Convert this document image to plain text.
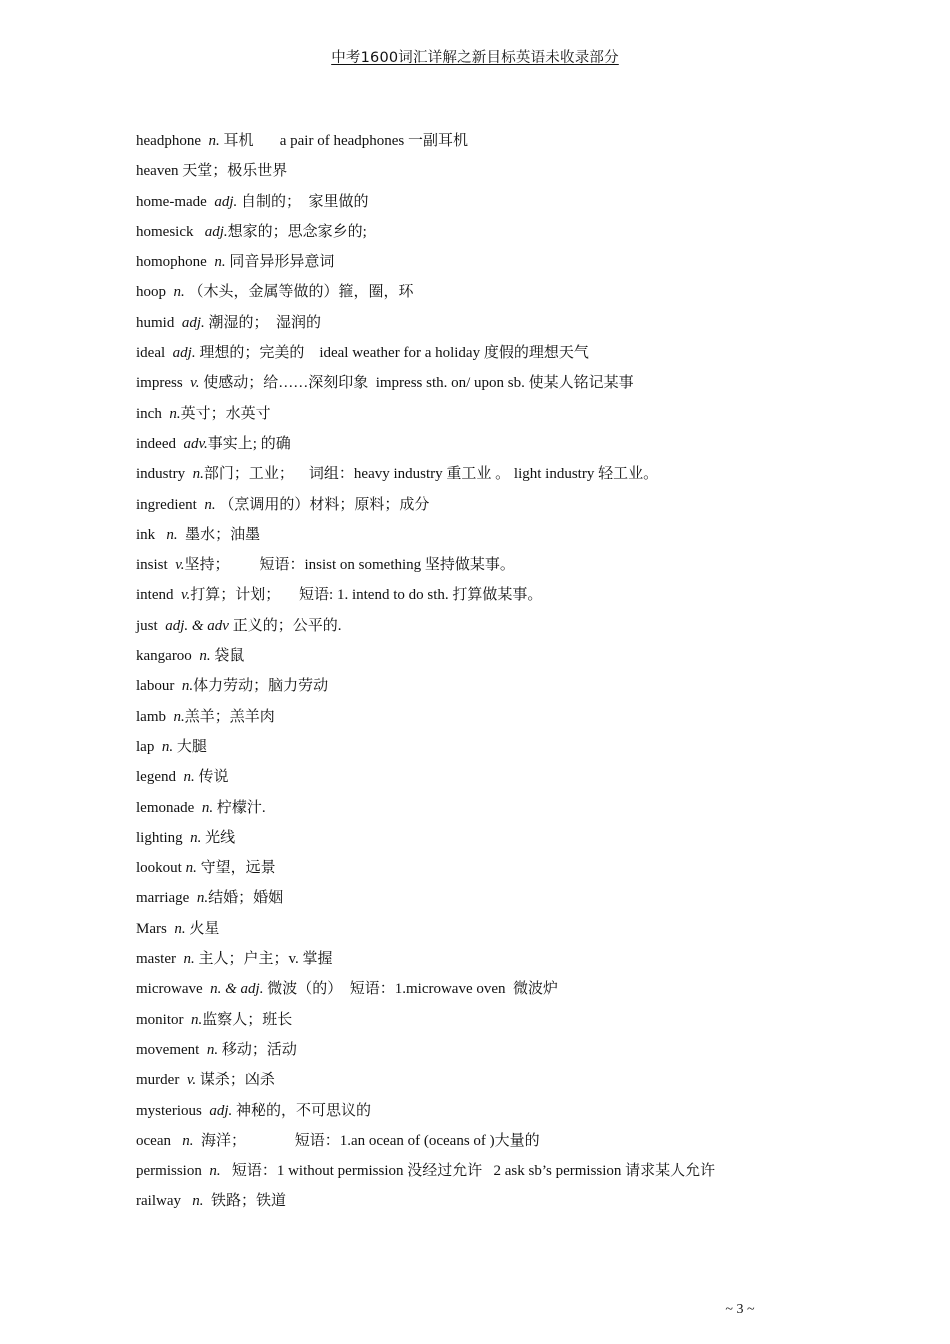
中考1600词汇详解之新目标英语未收录部分
headphone  n. 耳机       a pair of headphones 一副耳机
heaven 天堂；极乐世界
home-made  adj. 自制的；  家里做的
homesick   adj.想家的；思念家乡的;
homophone  n. 同音异形异意词
hoop  n. （木头，金属等做的）箍，圈，环
humid  adj. 潮湿的；  湿润的
ideal  adj. 理想的；完美的    ideal weather for a holiday 度假的理想天气
impress  v. 使感动；给……深刻印象  impress sth. on/ upon sb. 使某人铭记某事
inch  n.英寸；水英寸
indeed  adv.事实上; 的确
industry  n.部门；工业；    词组：heavy industry 重工业 。 light industry 轻工业。
ingredient  n. （烹调用的）材料；原料；成分
ink   n.  墨水；油墨
insist  v.坚持；        短语：insist on something 坚持做某事。
intend  v.打算；计划；     短语: 1. intend to do sth. 打算做某事。
just  adj. & adv 正义的；公平的.
kangaroo  n. 袋鼠
labour  n.体力劳动；脑力劳动
lamb  n.羔羊；羔羊肉
lap  n. 大腿
legend  n. 传说
lemonade  n. 柠檬汁.
lighting  n. 光线
lookout n. 守望，远景
marriage  n.结婚；婚姻
Mars  n. 火星
master  n. 主人；户主；v. 掌握
microwave  n. & adj. 微波（的）  短语：1.microwave oven  微波炉
monitor  n.监察人；班长
movement  n. 移动；活动
murder  v. 谋杀；凶杀
mysterious  adj. 神秘的，不可思议的
ocean   n.  海洋；             短语：1.an ocean of (oceans of )大量的
permission  n.   短语：1 without permission 没经过允许   2 ask sb’s permission 请求某人允许
railway   n.  铁路；铁道
~ 3 ~
